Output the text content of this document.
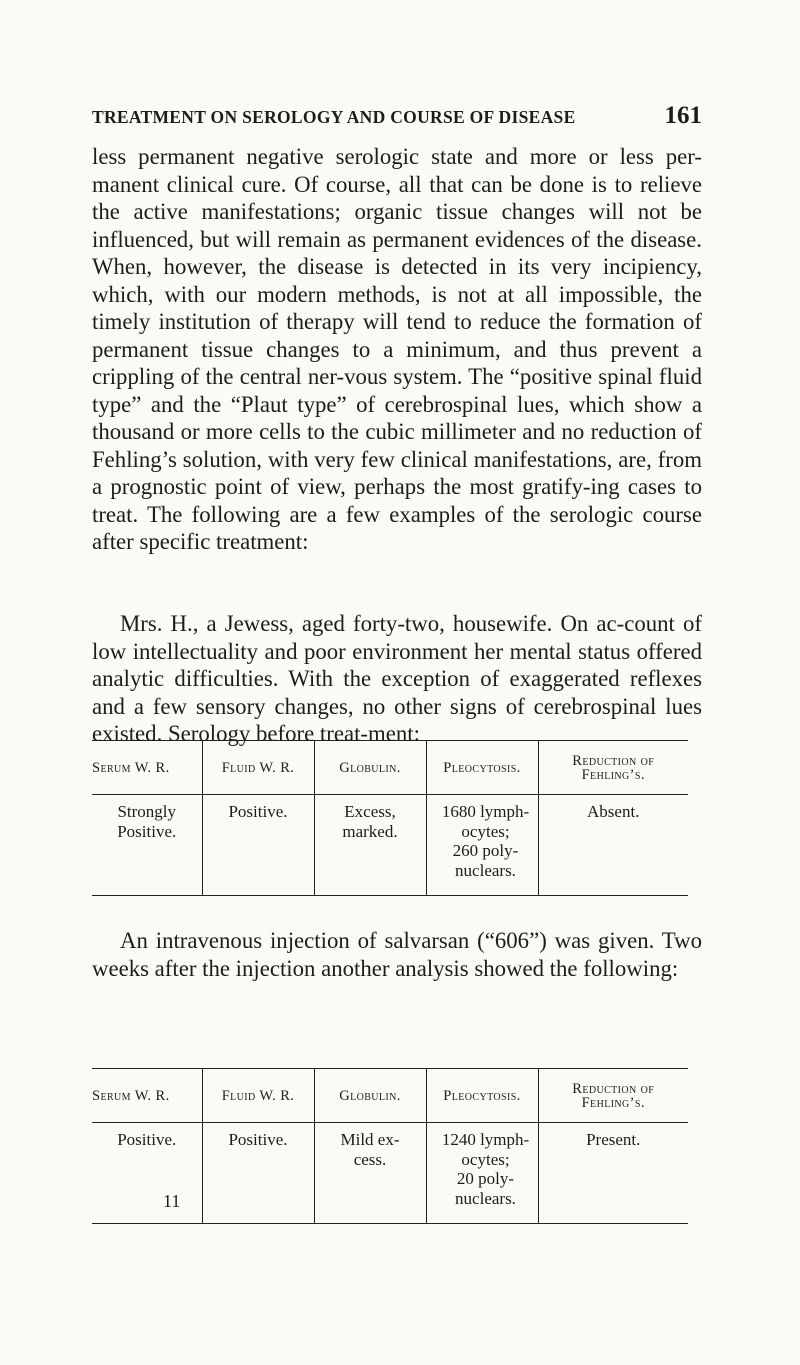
TREATMENT ON SEROLOGY AND COURSE OF DISEASE	161

less permanent negative serologic state and more or less per-manent clinical cure. Of course, all that can be done is to relieve the active manifestations; organic tissue changes will not be influenced, but will remain as permanent evidences of the disease. When, however, the disease is detected in its very incipiency, which, with our modern methods, is not at all impossible, the timely institution of therapy will tend to reduce the formation of permanent tissue changes to a minimum, and thus prevent a crippling of the central ner-vous system. The “positive spinal fluid type” and the “Plaut type” of cerebrospinal lues, which show a thousand or more cells to the cubic millimeter and no reduction of Fehling’s solution, with very few clinical manifestations, are, from a prognostic point of view, perhaps the most gratify-ing cases to treat. The following are a few examples of the serologic course after specific treatment:

Mrs. H., a Jewess, aged forty-two, housewife. On ac-count of low intellectuality and poor environment her mental status offered analytic difficulties. With the exception of exaggerated reflexes and a few sensory changes, no other signs of cerebrospinal lues existed. Serology before treat-ment:

Serum W. R.	Fluid W. R.	Globulin.	Pleocytosis.	Reduction of
Fehling’s.

Strongly
Positive.	Positive.	Excess,
marked.	1680 lymph-
ocytes;
260 poly-
nuclears.	Absent.

An intravenous injection of salvarsan (“606”) was given. Two weeks after the injection another analysis showed the following:

Serum W. R.	Fluid W. R.	Globulin.	Pleocytosis.	Reduction of
Fehling’s.

Positive.	Positive.	Mild ex-
cess.	1240 lymph-
ocytes;
20 poly-
nuclears.	Present.
11
